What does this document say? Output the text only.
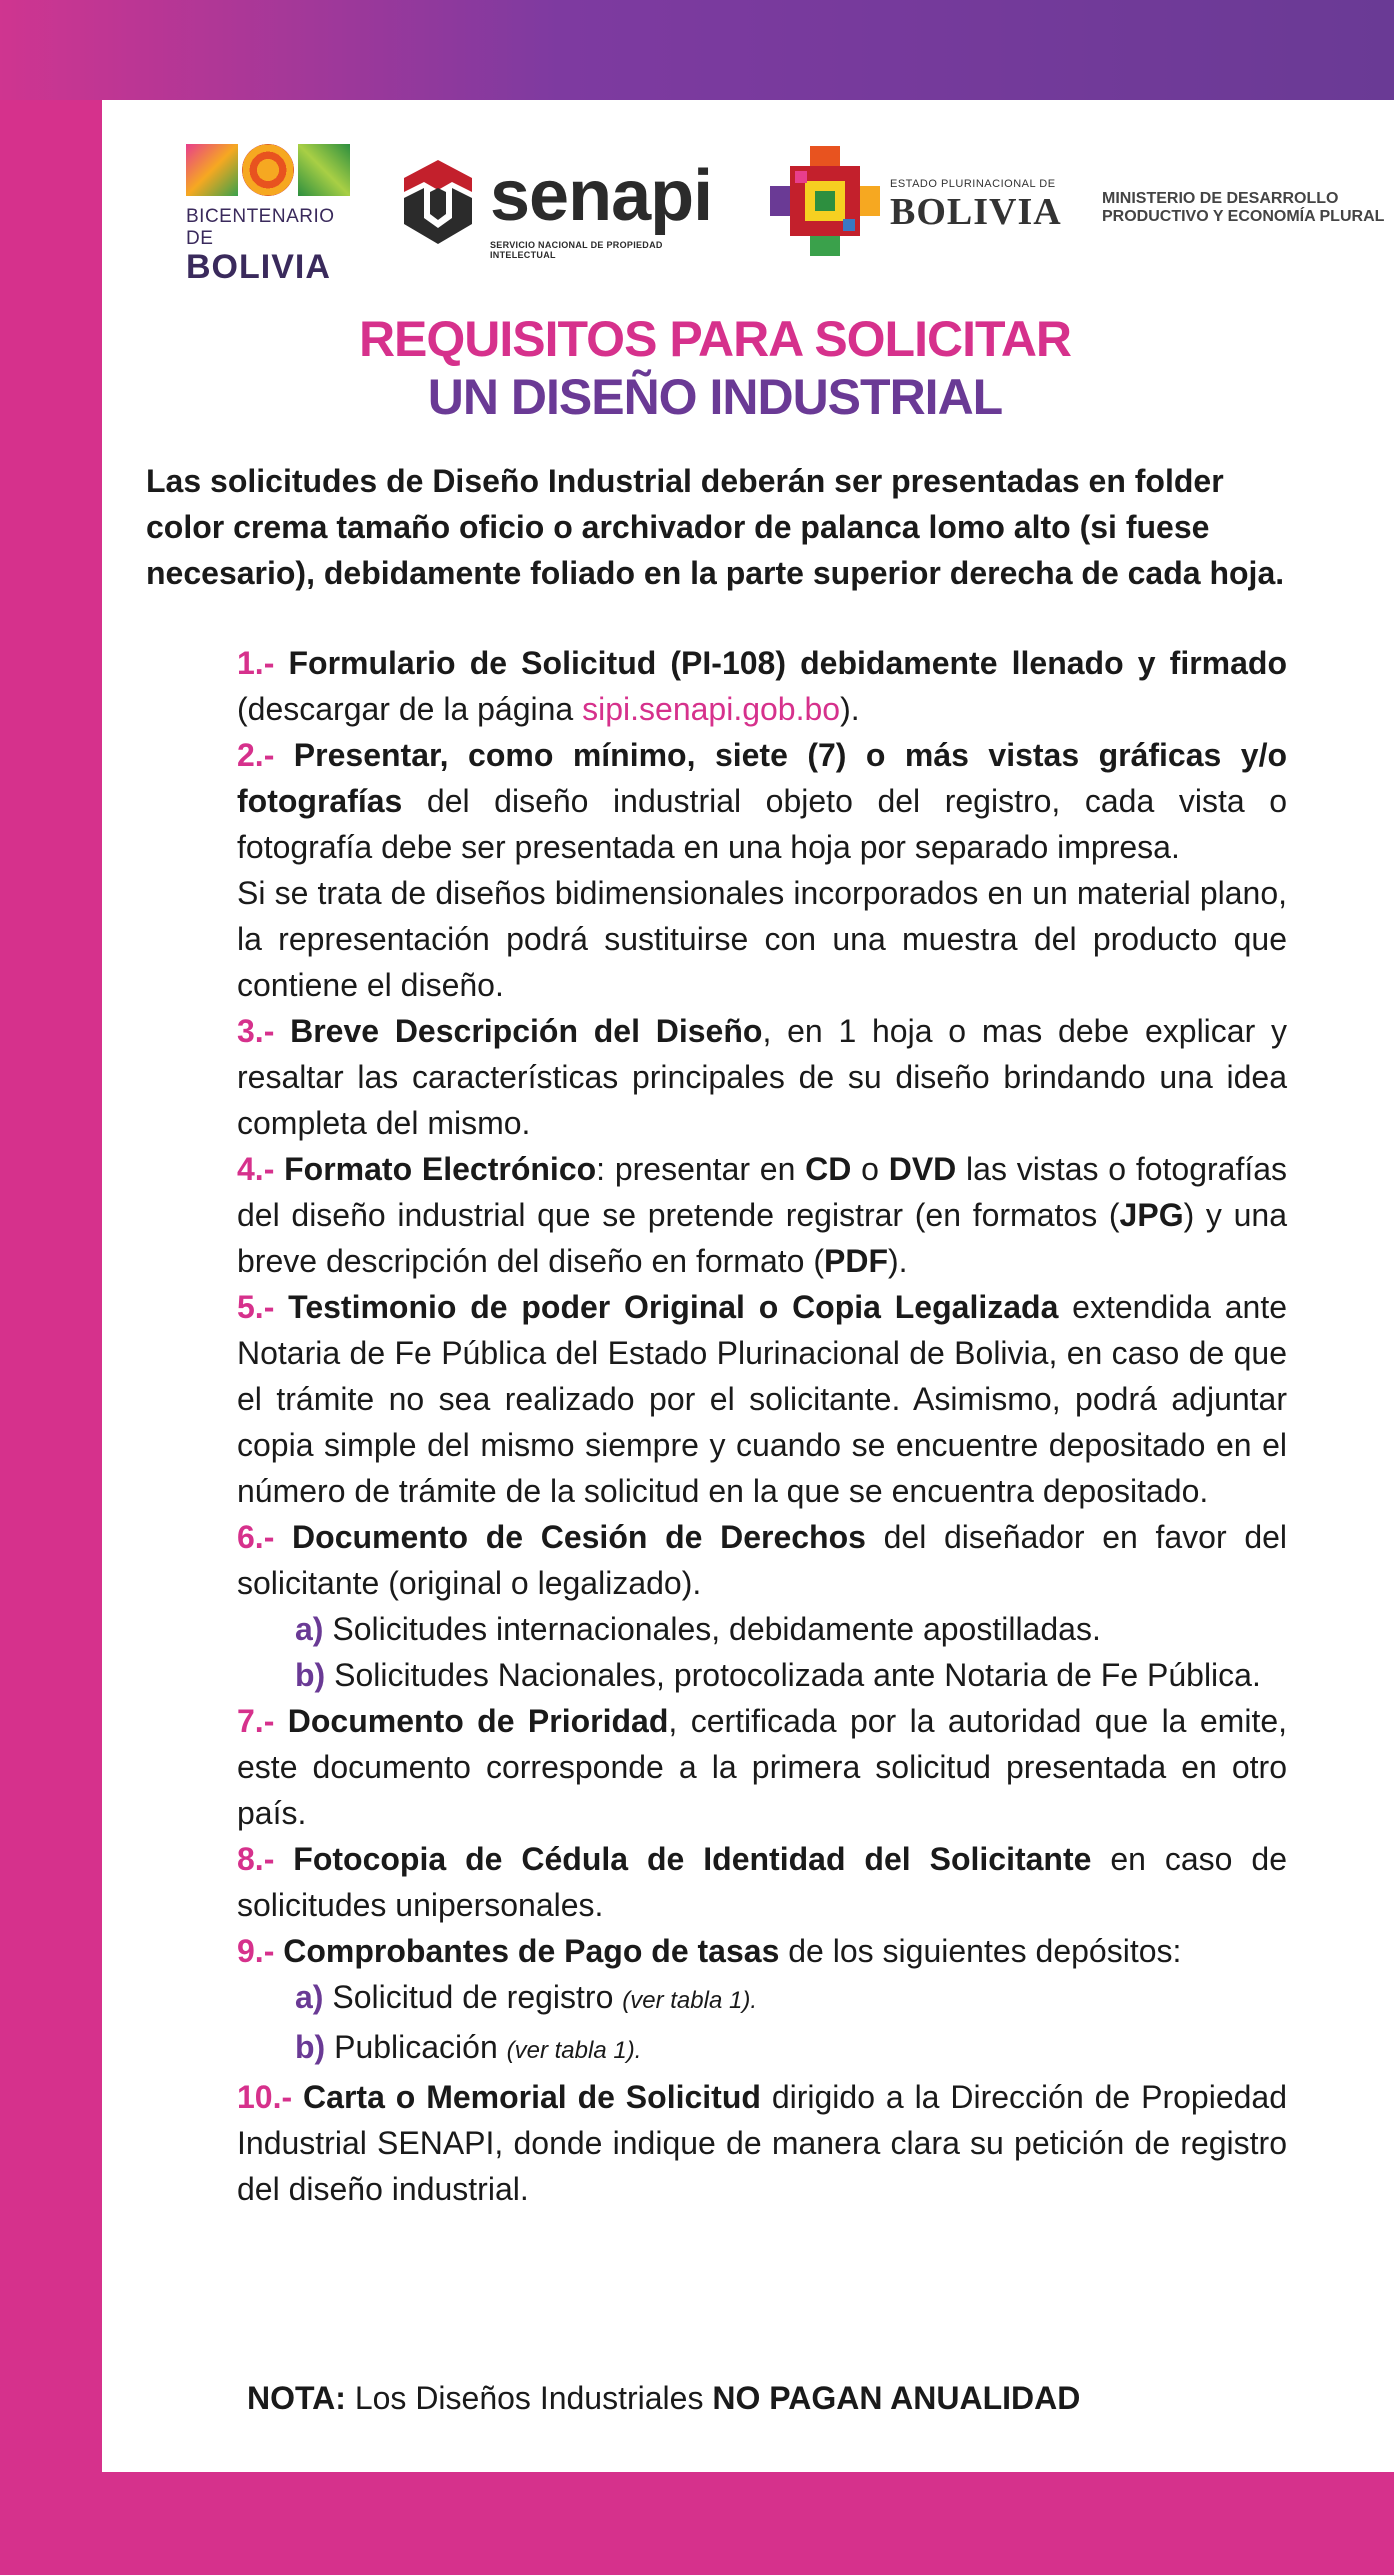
BICENTENARIO DE
BOLIVIA
senapi
SERVICIO NACIONAL DE PROPIEDAD INTELECTUAL
ESTADO PLURINACIONAL DE
BOLIVIA	MINISTERIO DE DESARROLLO
PRODUCTIVO Y ECONOMÍA PLURAL
REQUISITOS PARA SOLICITAR
UN DISEÑO INDUSTRIAL
Las solicitudes de Diseño Industrial deberán ser presentadas en folder color crema tamaño oficio o archivador de palanca lomo alto (si fuese necesario), debidamente foliado en la parte superior derecha de cada hoja.
1.- Formulario de Solicitud (PI-108) debidamente llenado y firmado (descargar de la página sipi.senapi.gob.bo).
2.- Presentar, como mínimo, siete (7) o más vistas gráficas y/o fotografías del diseño industrial objeto del registro, cada vista o fotografía debe ser presentada en una hoja por separado impresa.
Si se trata de diseños bidimensionales incorporados en un material plano, la representación podrá sustituirse con una muestra del producto que contiene el diseño.
3.- Breve Descripción del Diseño, en 1 hoja o mas debe explicar y resaltar las características principales de su diseño brindando una idea completa del mismo.
4.- Formato Electrónico: presentar en CD o DVD las vistas o fotografías del diseño industrial que se pretende registrar (en formatos (JPG) y una breve descripción del diseño en formato (PDF).
5.- Testimonio de poder Original o Copia Legalizada extendida ante Notaria de Fe Pública del Estado Plurinacional de Bolivia, en caso de que el trámite no sea realizado por el solicitante. Asimismo, podrá adjuntar copia simple del mismo siempre y cuando se encuentre depositado en el número de trámite de la solicitud en la que se encuentra depositado.
6.- Documento de Cesión de Derechos del diseñador en favor del solicitante (original o legalizado).
a) Solicitudes internacionales, debidamente apostilladas.
b) Solicitudes Nacionales, protocolizada ante Notaria de Fe Pública.
7.- Documento de Prioridad, certificada por la autoridad que la emite, este documento corresponde a la primera solicitud presentada en otro país.
8.- Fotocopia de Cédula de Identidad del Solicitante en caso de solicitudes unipersonales.
9.- Comprobantes de Pago de tasas de los siguientes depósitos:
a) Solicitud de registro (ver tabla 1).
b) Publicación (ver tabla 1).
10.- Carta o Memorial de Solicitud dirigido a la Dirección de Propiedad Industrial SENAPI, donde indique de manera clara su petición de registro del diseño industrial.
NOTA: Los Diseños Industriales NO PAGAN ANUALIDAD
